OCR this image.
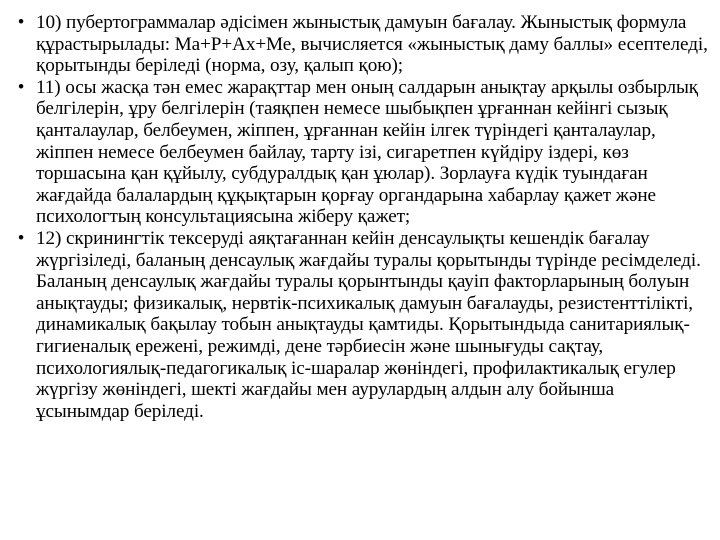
• 10) пубертограммалар әдісімен жыныстық дамуын бағалау. Жыныстық формула құрастырылады: Ма+Р+Ах+Ме, вычисляется «жыныстық даму баллы» есептеледі, қорытынды беріледі (норма, озу, қалып қою);
• 11) осы жасқа тән емес жарақттар мен оның салдарын анықтау арқылы озбырлық белгілерін, ұру белгілерін (таяқпен немесе шыбықпен ұрғаннан кейінгі сызық қанталаулар, белбеумен, жіппен, ұрғаннан кейін ілгек түріндегі қанталаулар, жіппен немесе белбеумен байлау, тарту ізі, сигаретпен күйдіру іздері, көз торшасына қан құйылу, субдуралдық қан ұюлар). Зорлауға күдік туындаған жағдайда балалардың құқықтарын қорғау органдарына хабарлау қажет және психологтың консультациясына жіберу қажет;
• 12) скринингтік тексеруді аяқтағаннан кейін денсаулықты кешендік бағалау жүргізіледі, баланың денсаулық жағдайы туралы қорытынды түрінде ресімделеді. Баланың денсаулық жағдайы туралы қорынтынды қауіп факторларының болуын анықтауды; физикалық, нервтік-психикалық дамуын бағалауды, резистенттілікті, динамикалық бақылау тобын анықтауды қамтиды. Қорытындыда санитариялық-гигиеналық ережені, режимді, дене тәрбиесін және шынығуды сақтау, психологиялық-педагогикалық іс-шаралар жөніндегі, профилактикалық егулер жүргізу жөніндегі, шекті жағдайы мен аурулардың алдын алу бойынша ұсынымдар беріледі.
